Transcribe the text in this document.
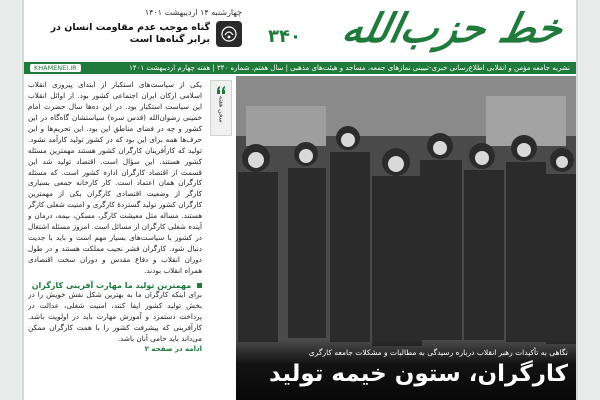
خط حزب‌الله
۳۴۰
چهارشنبه ۱۴ اردیبهشت ۱۴۰۱
گناه موجب عدم مقاومت انسان در برابر گناه‌ها است
نشریه جامعه مؤمن و انقلابی اطلاع‌رسانی خبری-تبیینی نمازهای جمعه، مساجد و هیئت‌های مذهبی | سال هفتم، شماره ۳۴۰ | هفته چهارم اردیبهشت ۱۴۰۱
KHAMENEI.IR

یکی از سیاست‌های استکبار از ابتدای پیروزی انقلاب اسلامی ارکان ایران اجتماعی کشور بود. از اوائل انقلاب این سیاست استکبار بود. در این ده‌ها سال حضرت امام خمینی رضوان‌الله (قدس سره) سیاستشان گاه‌گاه در این کشور و چه در فضای مناطق این بود. این تحریم‌ها و این حرف‌ها همه برای این بود که در کشور تولید کارآمد نشود. تولید که کارآفرینان کارگران کشور هستند مهمترین مسئله کشور هستند. این سؤال است. اقتصاد تولید شد این قسمت از اقتصاد کارگران اداره کشور است. که مسئله کارگران همان اعتماد است. کار کارخانه جمعی بسیاری کارگر از وضعیت اقتصادی کارگران یکی از مهمترین کارگران کشور تولید گستردۀ کارگری و امنیت شغلی کارگر هستند. مساله مثل معیشت کارگر، مسکن، بیمه، درمان و آینده شغلی کارگران از مسائل است. امروز مسئله اشتغال در کشور با سیاست‌های بسیار مهم است و باید با جدیت دنبال شود. کارگران قشر نجیب مملکت هستند و در طول دوران انقلاب و دفاع مقدس و دوران سخت اقتصادی همراه انقلاب بودند.

مهمترین تولید ما مهارت آفرینی کارگران

برای اینکه کارگران ما به بهترین شکل نقش خویش را در بخش تولید کشور ایفا کنند، امنیت شغلی، عدالت در پرداخت دستمزد و آموزش مهارت باید در اولویت باشد. کارآفرینی که پیشرفت کشور را با همت کارگران ممکن می‌داند باید حامی آنان باشد.

ادامه در صفحه ۲
سخن هفته
نگاهی به تأکیدات رهبر انقلاب درباره رسیدگی به مطالبات و مشکلات جامعه کارگری
کارگران، ستون خیمه تولید
